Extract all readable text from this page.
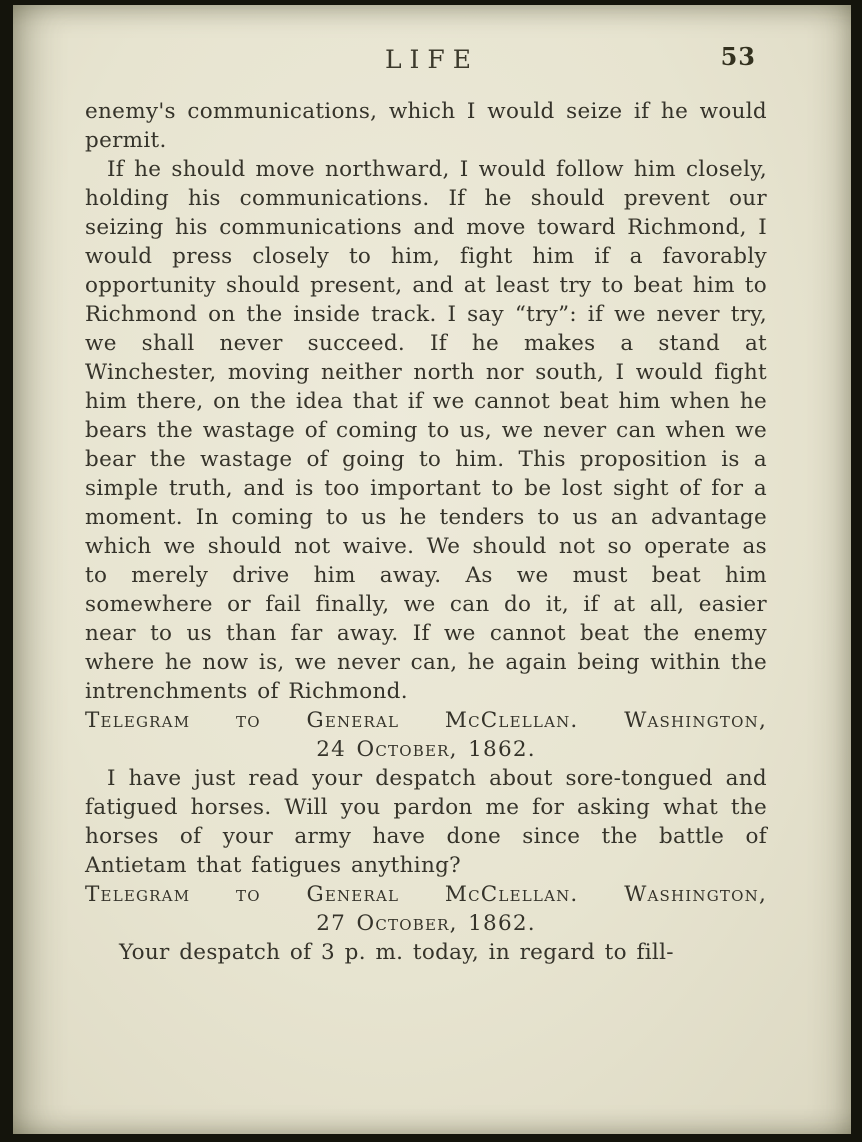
LIFE	53

enemy's communications, which I would seize if he would permit.

If he should move northward, I would follow him closely, holding his communications. If he should prevent our seizing his communications and move toward Richmond, I would press closely to him, fight him if a favorably opportunity should present, and at least try to beat him to Richmond on the inside track. I say “try”: if we never try, we shall never succeed. If he makes a stand at Winchester, moving neither north nor south, I would fight him there, on the idea that if we cannot beat him when he bears the wastage of coming to us, we never can when we bear the wastage of going to him. This proposition is a simple truth, and is too important to be lost sight of for a moment. In coming to us he tenders to us an advantage which we should not waive. We should not so operate as to merely drive him away. As we must beat him somewhere or fail finally, we can do it, if at all, easier near to us than far away. If we cannot beat the enemy where he now is, we never can, he again being within the intrenchments of Richmond.

Telegram to General McClellan. Washington,
24 October, 1862.

I have just read your despatch about sore-tongued and fatigued horses. Will you pardon me for asking what the horses of your army have done since the battle of Antietam that fatigues anything?

Telegram to General McClellan. Washington,
27 October, 1862.

Your despatch of 3 p. m. today, in regard to fill-
